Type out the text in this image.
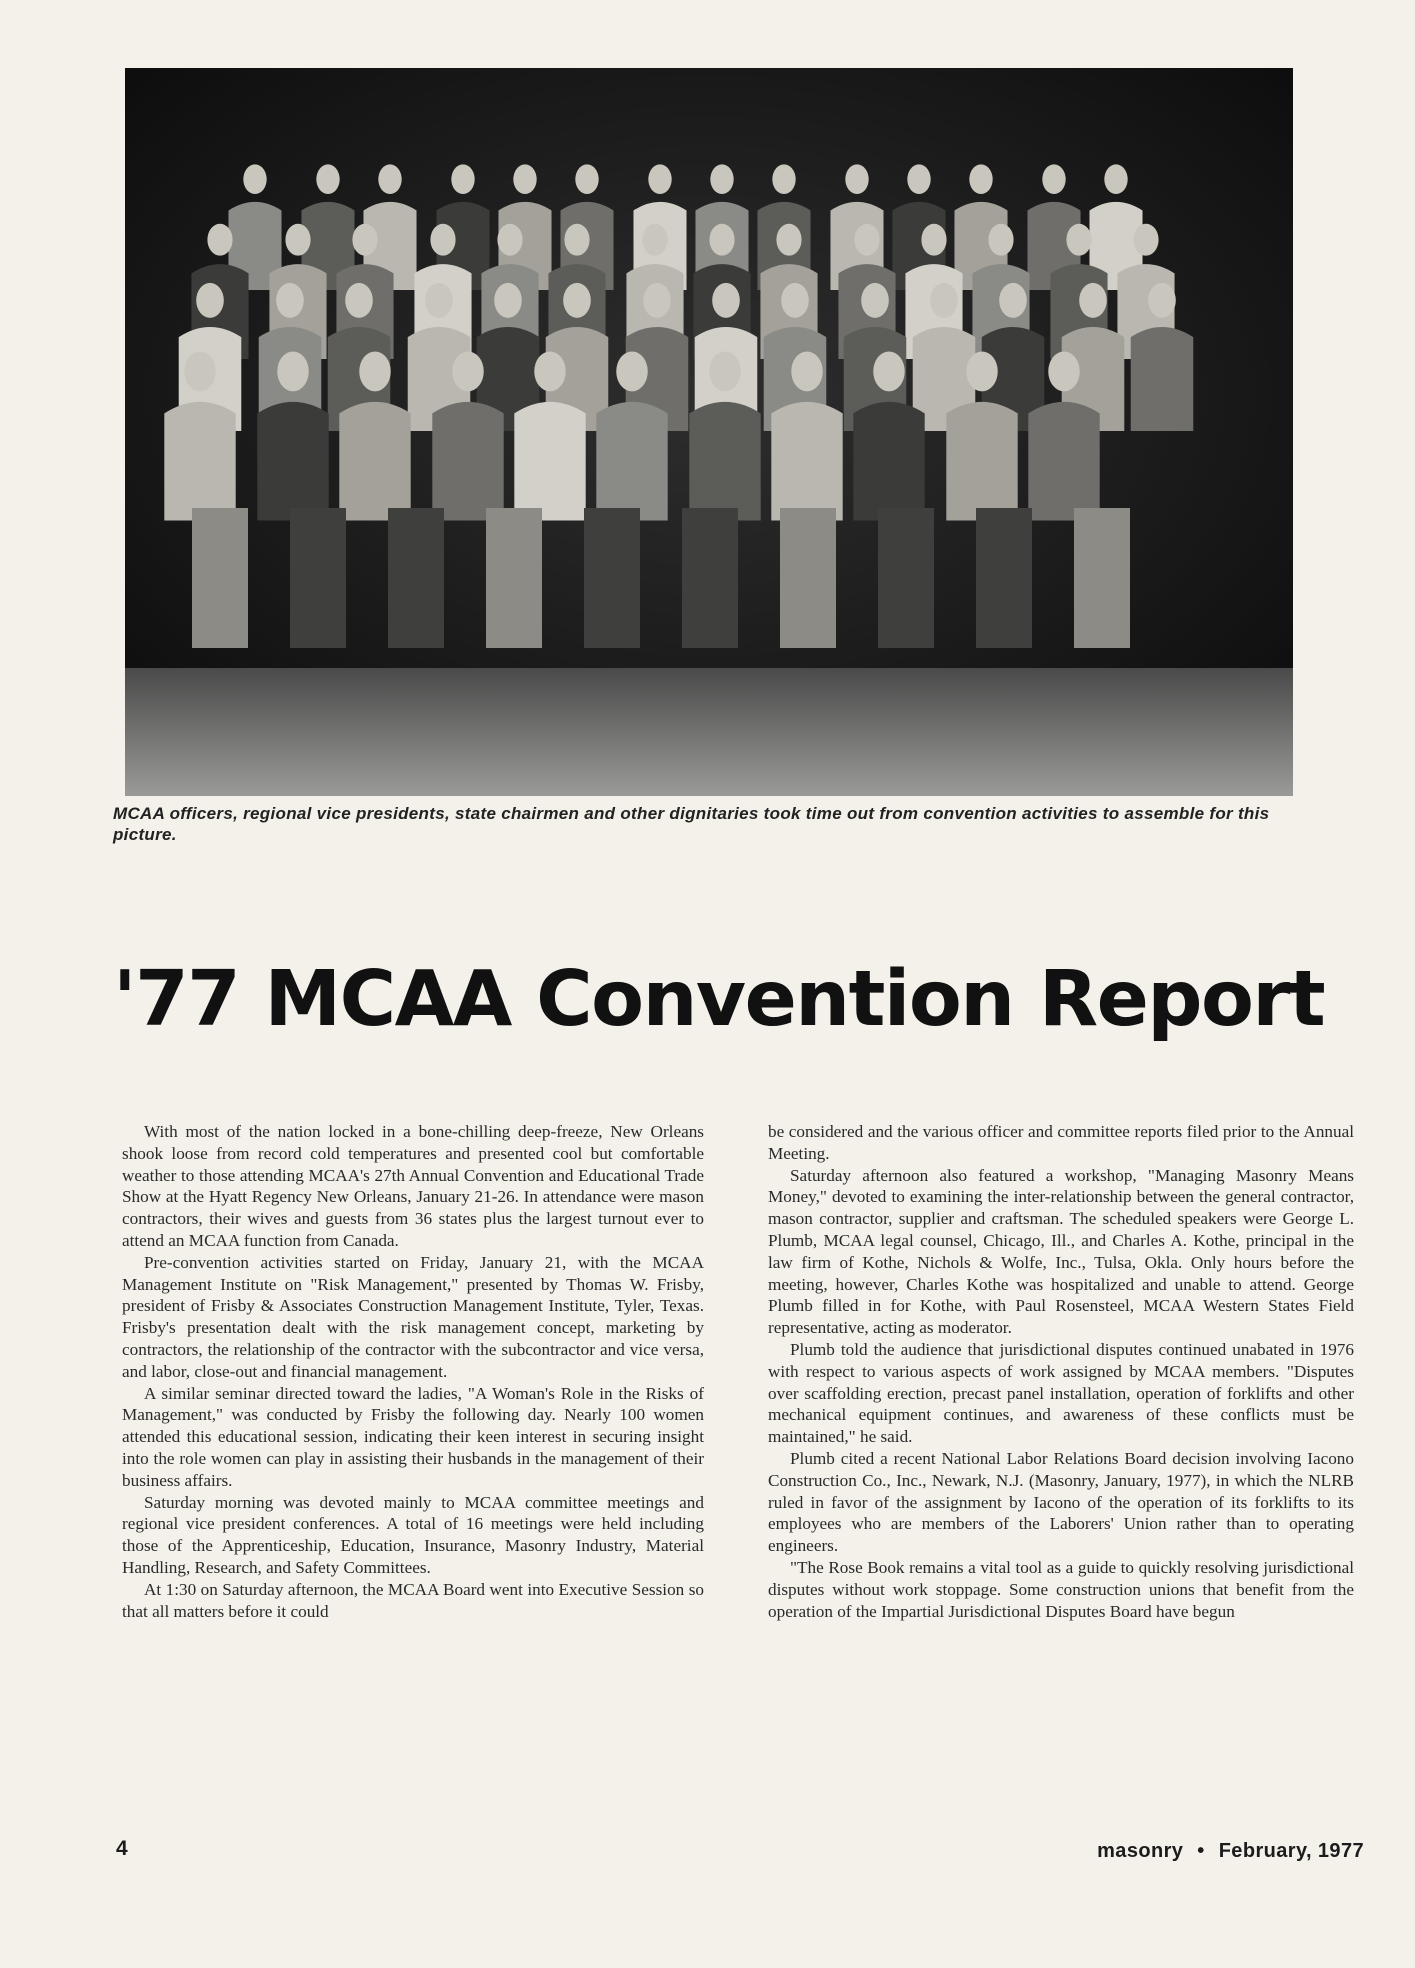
MCAA officers, regional vice presidents, state chairmen and other dignitaries took time out from convention activities to assemble for this picture.
'77 MCAA Convention Report

With most of the nation locked in a bone-chilling deep-freeze, New Orleans shook loose from record cold temperatures and presented cool but comfortable weather to those attending MCAA's 27th Annual Convention and Educational Trade Show at the Hyatt Regency New Orleans, January 21-26. In attendance were mason contractors, their wives and guests from 36 states plus the largest turnout ever to attend an MCAA function from Canada.

Pre-convention activities started on Friday, January 21, with the MCAA Management Institute on "Risk Management," presented by Thomas W. Frisby, president of Frisby & Associates Construction Management Institute, Tyler, Texas. Frisby's presentation dealt with the risk management concept, marketing by contractors, the relationship of the contractor with the subcontractor and vice versa, and labor, close-out and financial management.

A similar seminar directed toward the ladies, "A Woman's Role in the Risks of Management," was conducted by Frisby the following day. Nearly 100 women attended this educational session, indicating their keen interest in securing insight into the role women can play in assisting their husbands in the management of their business affairs.

Saturday morning was devoted mainly to MCAA committee meetings and regional vice president conferences. A total of 16 meetings were held including those of the Apprenticeship, Education, Insurance, Masonry Industry, Material Handling, Research, and Safety Committees.

At 1:30 on Saturday afternoon, the MCAA Board went into Executive Session so that all matters before it could

be considered and the various officer and committee reports filed prior to the Annual Meeting.

Saturday afternoon also featured a workshop, "Managing Masonry Means Money," devoted to examining the inter-relationship between the general contractor, mason contractor, supplier and craftsman. The scheduled speakers were George L. Plumb, MCAA legal counsel, Chicago, Ill., and Charles A. Kothe, principal in the law firm of Kothe, Nichols & Wolfe, Inc., Tulsa, Okla. Only hours before the meeting, however, Charles Kothe was hospitalized and unable to attend. George Plumb filled in for Kothe, with Paul Rosensteel, MCAA Western States Field representative, acting as moderator.

Plumb told the audience that jurisdictional disputes continued unabated in 1976 with respect to various aspects of work assigned by MCAA members. "Disputes over scaffolding erection, precast panel installation, operation of forklifts and other mechanical equipment continues, and awareness of these conflicts must be maintained," he said.

Plumb cited a recent National Labor Relations Board decision involving Iacono Construction Co., Inc., Newark, N.J. (Masonry, January, 1977), in which the NLRB ruled in favor of the assignment by Iacono of the operation of its forklifts to its employees who are members of the Laborers' Union rather than to operating engineers.

"The Rose Book remains a vital tool as a guide to quickly resolving jurisdictional disputes without work stoppage. Some construction unions that benefit from the operation of the Impartial Jurisdictional Disputes Board have begun

4	masonry • February, 1977
